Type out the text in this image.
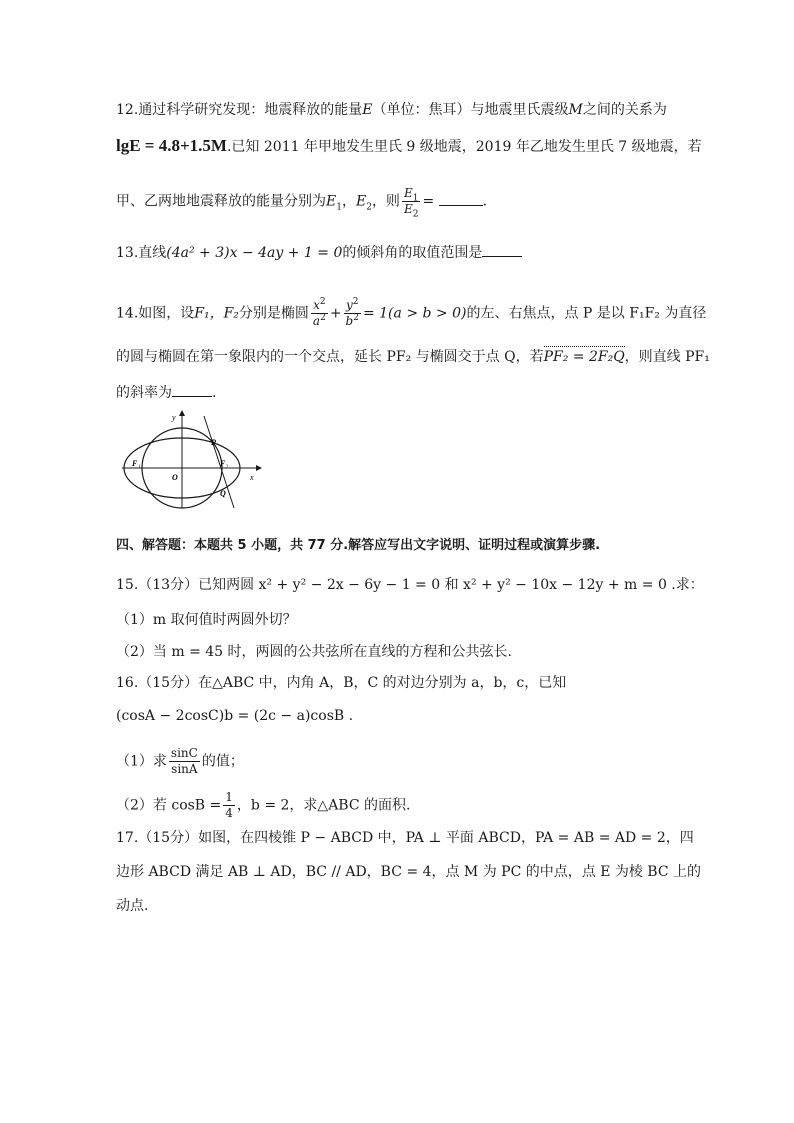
12.通过科学研究发现：地震释放的能量E（单位：焦耳）与地震里氏震级M之间的关系为
lgE = 4.8+1.5M.已知 2011 年甲地发生里氏 9 级地震，2019 年乙地发生里氏 7 级地震，若
甲、乙两地地震释放的能量分别为$E_1$，$E_2$，则 $\frac{E_1}{E_2}$ =	.
13.直线(4a² + 3)x − 4ay + 1 = 0的倾斜角的取值范围是
14.如图，设F₁，F₂分别是椭圆 $\frac{x^2}{a^2} + \frac{y^2}{b^2} = 1(a > b > 0)$的左、右焦点，点 P 是以 F₁F₂ 为直径
的圆与椭圆在第一象限内的一个交点，延长 PF₂ 与椭圆交于点 Q，若PF₂ = 2F₂Q，则直线 PF₁
的斜率为	.
y
x
O
P
Q
F 1	F 2
四、解答题：本题共 5 小题，共 77 分.解答应写出文字说明、证明过程或演算步骤.
15.（13分）已知两圆 x² + y² − 2x − 6y − 1 = 0 和 x² + y² − 10x − 12y + m = 0 .求：
（1）m 取何值时两圆外切？
（2）当 m = 45 时，两圆的公共弦所在直线的方程和公共弦长.
16.（15分）在△ABC 中，内角 A，B，C 的对边分别为 a，b，c，已知
(cosA − 2cosC)b = (2c − a)cosB .
（1）求 $\frac{\sin C}{\sin A}$ 的值；
（2）若 $\cos B = \frac{1}{4}$ ，b = 2，求△ABC 的面积.
17.（15分）如图，在四棱锥 P − ABCD 中，PA ⊥ 平面 ABCD，PA = AB = AD = 2，四
边形 ABCD 满足 AB ⊥ AD，BC // AD，BC = 4，点 M 为 PC 的中点，点 E 为棱 BC 上的
动点.
